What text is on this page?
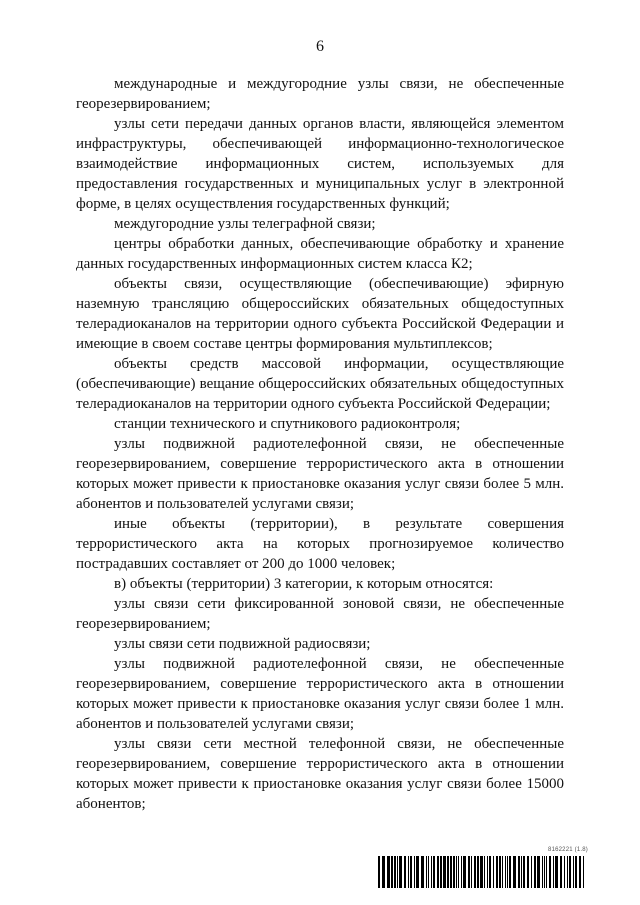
6

международные и междугородние узлы связи, не обеспеченные георезервированием;

узлы сети передачи данных органов власти, являющейся элементом инфраструктуры, обеспечивающей информационно-технологическое взаимодействие информационных систем, используемых для предоставления государственных и муниципальных услуг в электронной форме, в целях осуществления государственных функций;

междугородние узлы телеграфной связи;

центры обработки данных, обеспечивающие обработку и хранение данных государственных информационных систем класса К2;

объекты связи, осуществляющие (обеспечивающие) эфирную наземную трансляцию общероссийских обязательных общедоступных телерадиоканалов на территории одного субъекта Российской Федерации и имеющие в своем составе центры формирования мультиплексов;

объекты средств массовой информации, осуществляющие (обеспечивающие) вещание общероссийских обязательных общедоступных телерадиоканалов на территории одного субъекта Российской Федерации;

станции технического и спутникового радиоконтроля;

узлы подвижной радиотелефонной связи, не обеспеченные георезервированием, совершение террористического акта в отношении которых может привести к приостановке оказания услуг связи более 5 млн. абонентов и пользователей услугами связи;

иные объекты (территории), в результате совершения террористического акта на которых прогнозируемое количество пострадавших составляет от 200 до 1000 человек;

в) объекты (территории) 3 категории, к которым относятся:

узлы связи сети фиксированной зоновой связи, не обеспеченные георезервированием;

узлы связи сети подвижной радиосвязи;

узлы подвижной радиотелефонной связи, не обеспеченные георезервированием, совершение террористического акта в отношении которых может привести к приостановке оказания услуг связи более 1 млн. абонентов и пользователей услугами связи;

узлы связи сети местной телефонной связи, не обеспеченные георезервированием, совершение террористического акта в отношении которых может привести к приостановке оказания услуг связи более 15000 абонентов;

8162221 (1.8)
